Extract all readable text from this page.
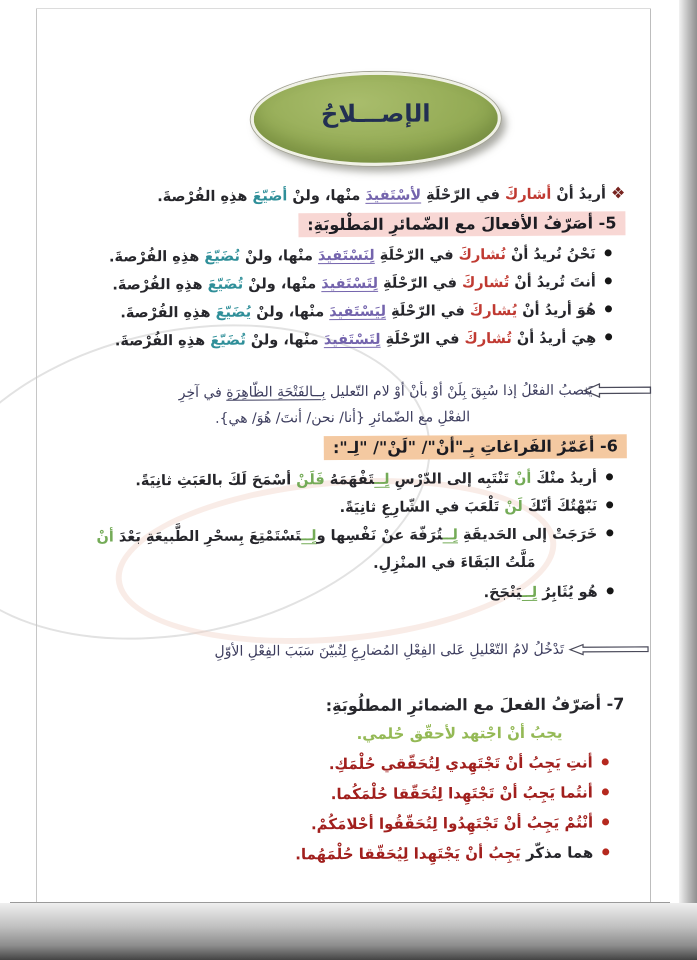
الإصـــلاحُ
❖أريدُ أنْ أشاركَ في الرّحْلَةِ لأسْتَفيدَ منْها، ولنْ أضَيّعَ هذِهِ الفُرْصةَ.
5- أصَرّفُ الأفعالَ مع الضّمائرِ المَطْلوبَةِ:
نَحْنُ نُريدُ أنْ نُشاركَ في الرّحْلَةِ لِنَسْتَفيدَ منْها، ولنْ نُضَيّعَ هذِهِ الفُرْصةَ.
أنتَ تُريدُ أنْ تُشاركَ في الرّحْلَةِ لِتَسْتَفيدَ منْها، ولنْ تُضَيّعَ هذِهِ الفُرْصةَ.
هُوَ أريدُ أنْ يُشاركَ في الرّحْلَةِ لِيَسْتَفيدَ منْها، ولنْ يُضَيّعَ هذِهِ الفُرْصةَ.
هِيَ أريدُ أنْ تُشاركَ في الرّحْلَةِ لِتَسْتَفيدَ منْها، ولنْ تُضَيّعَ هذِهِ الفُرْصةَ.
يَنصبُ الفعْلُ إذا سُبِقَ بِلَنْ أوْ بأنْ أوْ لام التّعليل بِــالفَتْحَةِ الظّاهِرَةِ في آخِرِ
الفعْلِ مع الضّمائرِ {أنا/ نحن/ أنتَ/ هُوَ/ هي}.
6- أعَمّرُ الفَراغاتِ بِـ"أنْ"/ "لَنْ"/ "لِـ":
أريدُ منْكَ أنْ تَنْتَبِه إلى الدّرْسِ لِــتَفْهَمَهُ فَلَنْ أسْمَحَ لَكَ بالعَبَثِ ثانِيَةً.
نَبّهْتُكَ أنّكَ لَنْ تَلْعَبَ في الشّارِعِ ثانِيَةً.
خَرَجَتْ إلى الحَديقَةِ لِــتُرَفّهَ عنْ نَفْسِها ولِــتَسْتَمْتِعَ بِسحْرِ الطَّبيعَةِ بَعْدَ أنْ
مَلَّتُ البَقَاءَ في المنْزِلِ.
هُو يُثَابِرُ لِــيَنْجَحَ.
تَدْخُلُ لامُ التّعْليلِ عَلى الفِعْلِ المُضارِعِ لِتُبيّنَ سَبَبَ الفِعْلِ الأوّلِ
7- أصَرّفُ الفعلَ مع الضمائرِ المطلُوبَةِ:
يجبُ أنْ اجْتهد لأحقّق حُلمي.
أنتِ يَجِبُ أنْ تَجْتَهِدي لِتُحَقّقي حُلْمَكِ.
أنتُما يَجِبُ أنْ تَجْتَهِدا لِتُحَقّقا حُلْمَكُما.
أنْتُمْ يَجِبُ أنْ تَجْتَهِدُوا لِتُحَقّقُوا أحْلامَكُمْ.
هما مذكّر يَجِبُ أنْ يَجْتَهِدا لِيُحَقّقا حُلْمَهُما.
